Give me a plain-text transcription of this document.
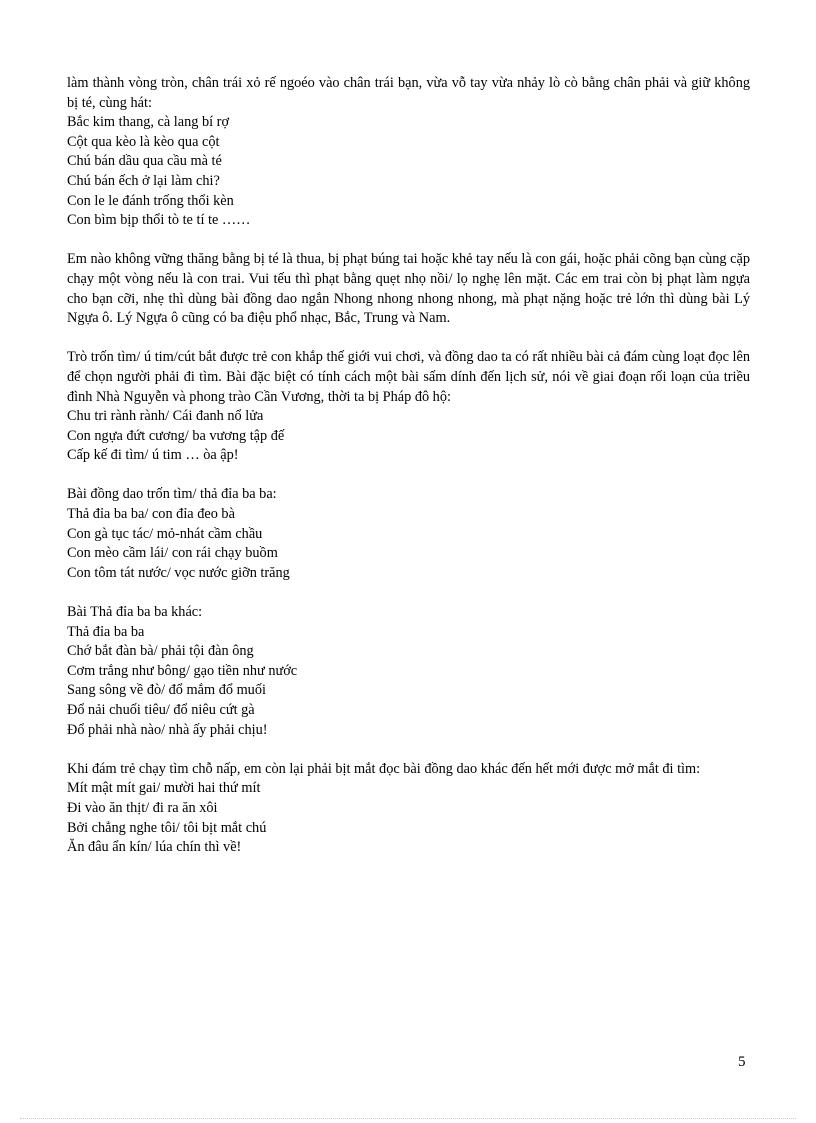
làm thành vòng tròn, chân trái xỏ rế ngoéo vào chân trái bạn, vừa vỗ tay vừa nhảy lò cò bằng chân phải và giữ không bị té, cùng hát:

Bắc kim thang, cà lang bí rợ

Cột qua kèo là kèo qua cột

Chú bán dầu qua cầu mà té

Chú bán ếch ở lại làm chi?

Con le le đánh trống thổi kèn

Con bìm bịp thổi tò te tí te ……

Em nào không vững thăng bằng bị té là thua, bị phạt búng tai hoặc khẻ tay nếu là con gái, hoặc phải cõng bạn cùng cặp chạy một vòng nếu là con trai. Vui tếu thì phạt bằng quẹt nhọ nồi/ lọ nghẹ lên mặt. Các em trai còn bị phạt làm ngựa cho bạn cỡi, nhẹ thì dùng bài đồng dao ngắn Nhong nhong nhong nhong, mà phạt nặng hoặc trẻ lớn thì dùng bài Lý Ngựa ô. Lý Ngựa ô cũng có ba điệu phổ nhạc, Bắc, Trung và Nam.

Trò trốn tìm/ ú tim/cút bắt được trẻ con khắp thế giới vui chơi, và đồng dao ta có rất nhiều bài cả đám cùng loạt đọc lên để chọn người phải đi tìm. Bài đặc biệt có tính cách một bài sấm dính đến lịch sử, nói về giai đoạn rối loạn của triều đình Nhà Nguyễn và phong trào Cần Vương, thời ta bị Pháp đô hộ:

Chu tri rành rành/ Cái đanh nổ lửa

Con ngựa đứt cương/ ba vương tập đế

Cấp kế đi tìm/ ú tim … òa ập!

Bài đồng dao trốn tìm/ thả đỉa ba ba:

Thả đỉa ba ba/ con đỉa đeo bà

Con gà tục tác/ mỏ-nhát cầm chầu

Con mèo cầm lái/ con rái chạy buồm

Con tôm tát nước/ vọc nước giỡn trăng

Bài Thả đỉa ba ba khác:

Thả đỉa ba ba

Chớ bắt đàn bà/ phải tội đàn ông

Cơm trắng như bông/ gạo tiền như nước

Sang sông về đò/ đổ mắm đổ muối

Đổ nải chuối tiêu/ đổ niêu cứt gà

Đổ phải nhà nào/ nhà ấy phải chịu!

Khi đám trẻ chạy tìm chỗ nấp, em còn lại phải bịt mắt đọc bài đồng dao khác đến hết mới được mở mắt đi tìm:

Mít mật mít gai/ mười hai thứ mít

Đi vào ăn thịt/ đi ra ăn xôi

Bởi chẳng nghe tôi/ tôi bịt mắt chú

Ăn đâu ẩn kín/ lúa chín thì về!

5
